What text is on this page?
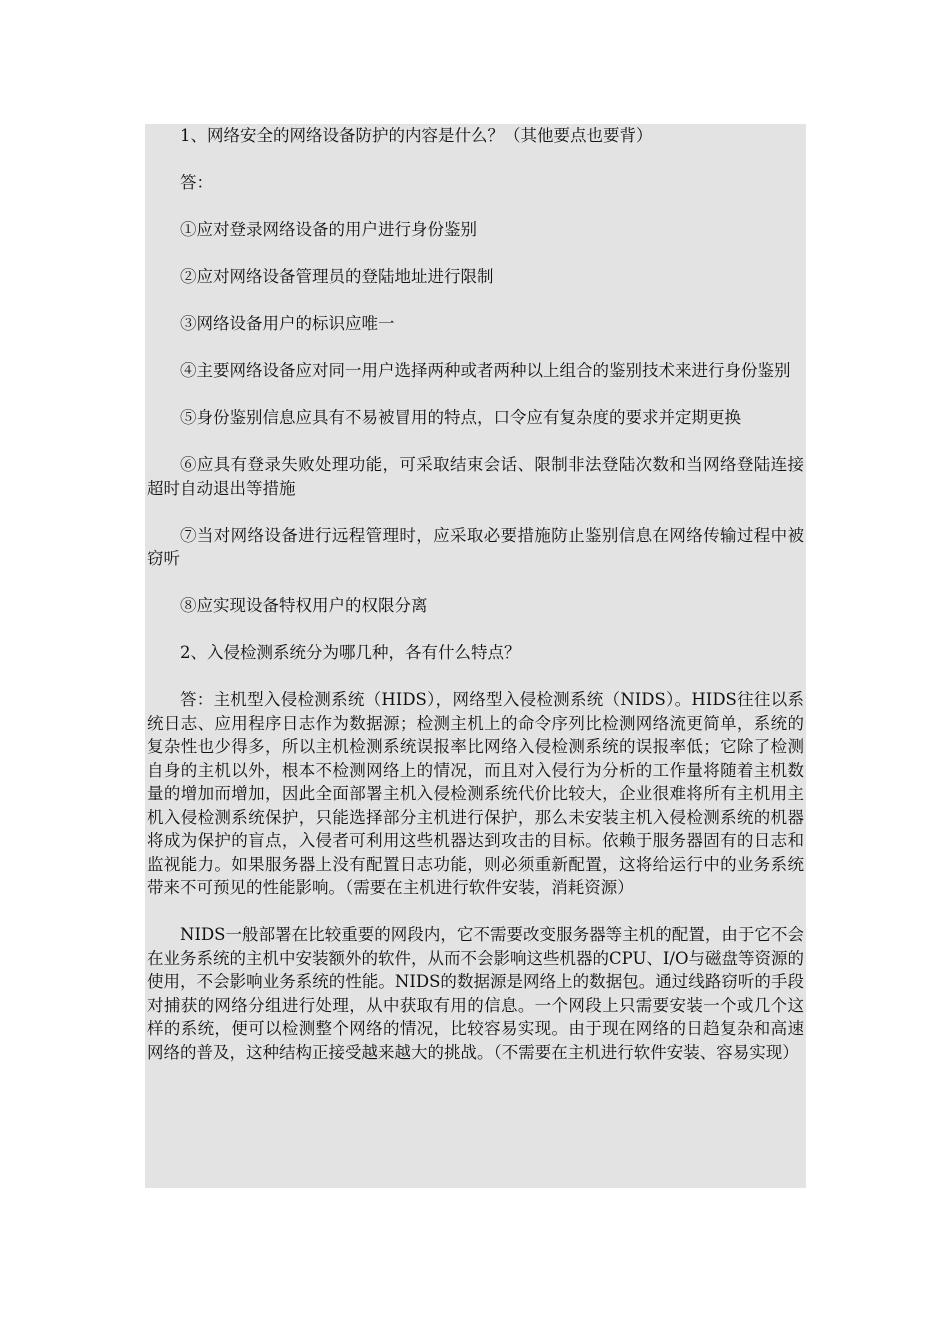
1、网络安全的网络设备防护的内容是什么？（其他要点也要背）

答：

①应对登录网络设备的用户进行身份鉴别

②应对网络设备管理员的登陆地址进行限制

③网络设备用户的标识应唯一

④主要网络设备应对同一用户选择两种或者两种以上组合的鉴别技术来进行身份鉴别

⑤身份鉴别信息应具有不易被冒用的特点，口令应有复杂度的要求并定期更换

⑥应具有登录失败处理功能，可采取结束会话、限制非法登陆次数和当网络登陆连接超时自动退出等措施

⑦当对网络设备进行远程管理时，应采取必要措施防止鉴别信息在网络传输过程中被窃听

⑧应实现设备特权用户的权限分离

2、入侵检测系统分为哪几种，各有什么特点？

答：主机型入侵检测系统（HIDS），网络型入侵检测系统（NIDS）。HIDS往往以系统日志、应用程序日志作为数据源；检测主机上的命令序列比检测网络流更简单，系统的复杂性也少得多，所以主机检测系统误报率比网络入侵检测系统的误报率低；它除了检测自身的主机以外，根本不检测网络上的情况，而且对入侵行为分析的工作量将随着主机数量的增加而增加，因此全面部署主机入侵检测系统代价比较大，企业很难将所有主机用主机入侵检测系统保护，只能选择部分主机进行保护，那么未安装主机入侵检测系统的机器将成为保护的盲点，入侵者可利用这些机器达到攻击的目标。依赖于服务器固有的日志和监视能力。如果服务器上没有配置日志功能，则必须重新配置，这将给运行中的业务系统带来不可预见的性能影响。（需要在主机进行软件安装，消耗资源）

NIDS一般部署在比较重要的网段内，它不需要改变服务器等主机的配置，由于它不会在业务系统的主机中安装额外的软件，从而不会影响这些机器的CPU、I/O与磁盘等资源的使用，不会影响业务系统的性能。NIDS的数据源是网络上的数据包。通过线路窃听的手段对捕获的网络分组进行处理，从中获取有用的信息。一个网段上只需要安装一个或几个这样的系统，便可以检测整个网络的情况，比较容易实现。由于现在网络的日趋复杂和高速网络的普及，这种结构正接受越来越大的挑战。（不需要在主机进行软件安装、容易实现）
